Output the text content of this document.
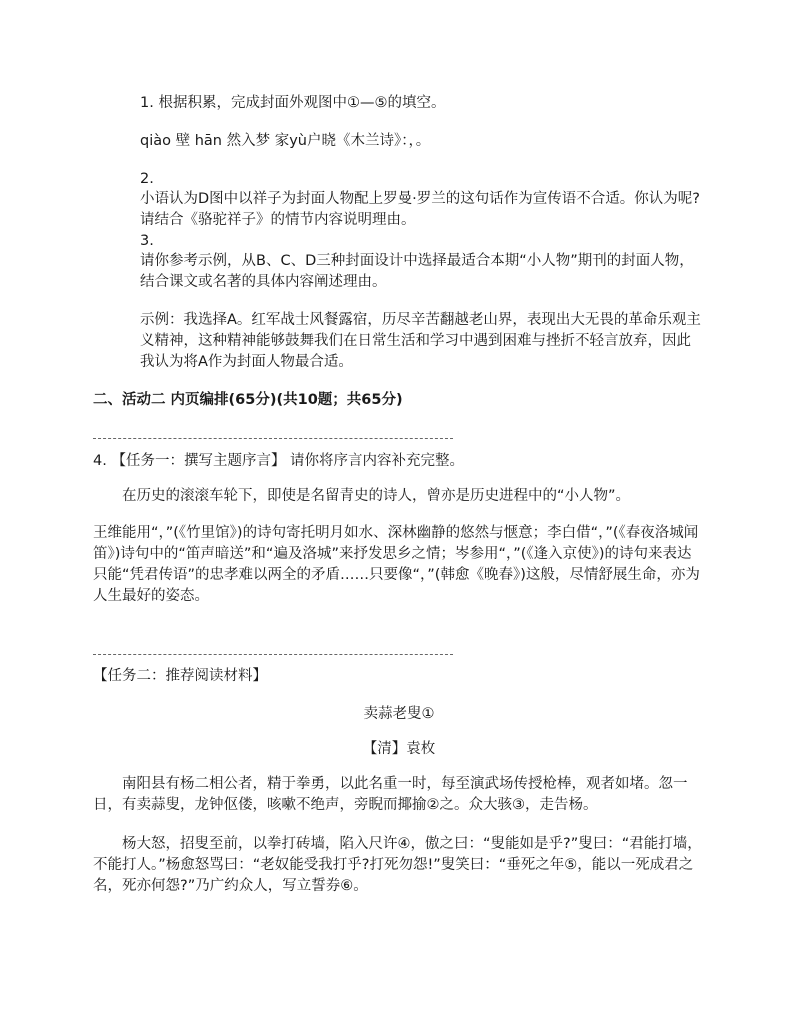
1. 根据积累，完成封面外观图中①—⑤的填空。
qiào 壁 hān 然入梦 家yù户晓《木兰诗》：，。
2.
小语认为D图中以祥子为封面人物配上罗曼·罗兰的这句话作为宣传语不合适。你认为呢?请结合《骆驼祥子》的情节内容说明理由。
3.
请你参考示例，从B、C、D三种封面设计中选择最适合本期“小人物”期刊的封面人物，结合课文或名著的具体内容阐述理由。
示例：我选择A。红军战士风餐露宿，历尽辛苦翻越老山界，表现出大无畏的革命乐观主义精神，这种精神能够鼓舞我们在日常生活和学习中遇到困难与挫折不轻言放弃，因此我认为将A作为封面人物最合适。
二、活动二 内页编排(65分)(共10题；共65分)
4. 【任务一：撰写主题序言】 请你将序言内容补充完整。
在历史的滚滚车轮下，即使是名留青史的诗人，曾亦是历史进程中的“小人物”。
王维能用“，”(《竹里馆》)的诗句寄托明月如水、深林幽静的悠然与惬意；李白借“，”(《春夜洛城闻笛》)诗句中的“笛声暗送”和“遍及洛城”来抒发思乡之情；岑参用“，”(《逢入京使》)的诗句来表达只能“凭君传语”的忠孝难以两全的矛盾……只要像“，”(韩愈《晚春》)这般，尽情舒展生命，亦为人生最好的姿态。
【任务二：推荐阅读材料】
卖蒜老叟①
【清】袁枚
南阳县有杨二相公者，精于拳勇，以此名重一时，每至演武场传授枪棒，观者如堵。忽一日，有卖蒜叟，龙钟伛偻，咳嗽不绝声，旁睨而揶揄②之。众大骇③，走告杨。
杨大怒，招叟至前，以拳打砖墙，陷入尺许④，傲之曰：“叟能如是乎?”叟曰：“君能打墙，不能打人。”杨愈怒骂曰：“老奴能受我打乎?打死勿怨!”叟笑曰：“垂死之年⑤，能以一死成君之名，死亦何怨?”乃广约众人，写立誓券⑥。
